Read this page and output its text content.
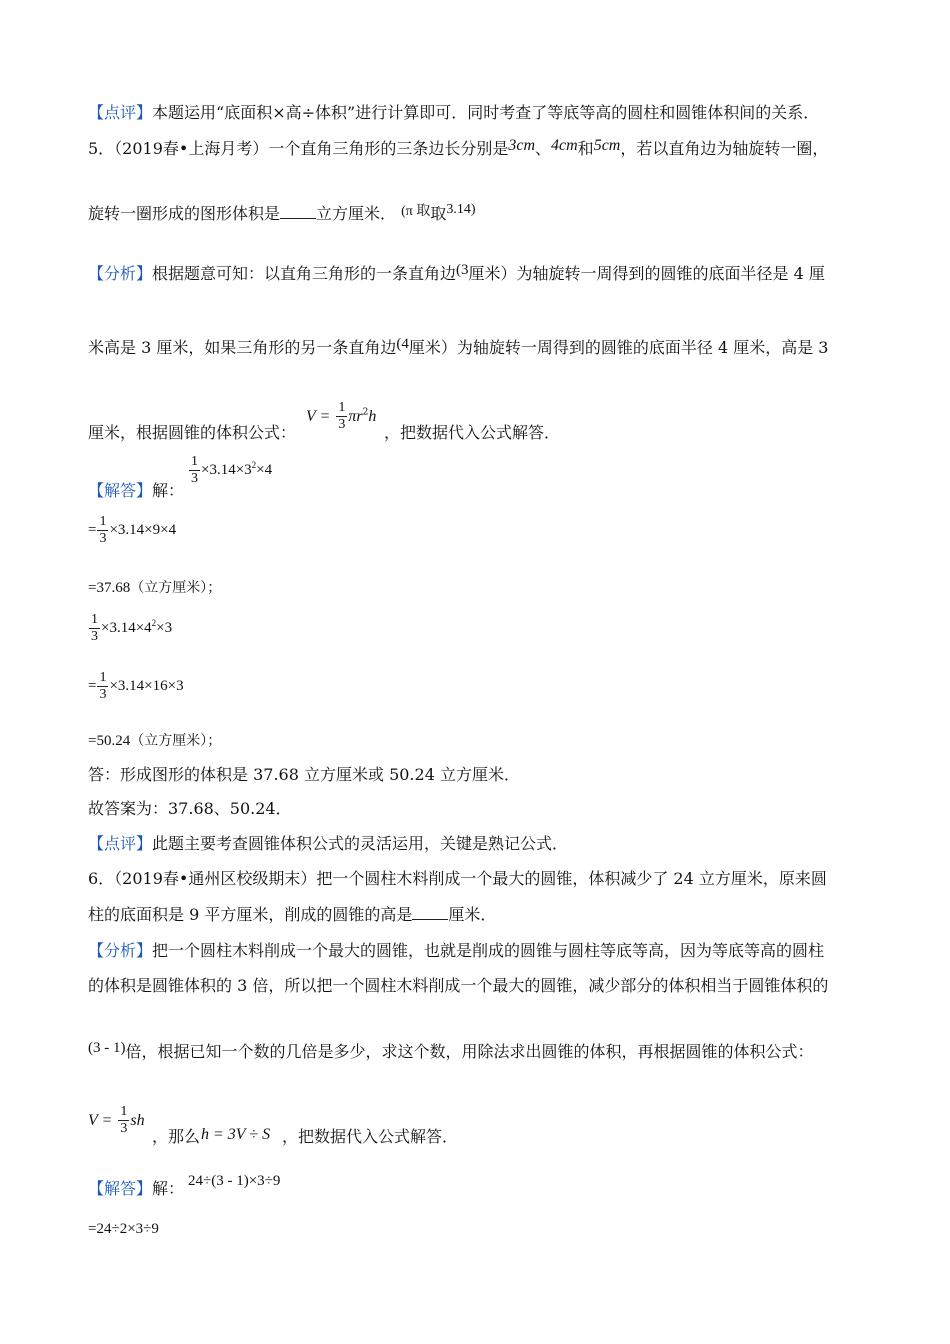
【点评】本题运用“底面积×高÷体积”进行计算即可．同时考查了等底等高的圆柱和圆锥体积间的关系．
5．（2019春•上海月考）一个直角三角形的三条边长分别是3cm、4cm和5cm，若以直角边为轴旋转一圈，
旋转一圈形成的图形体积是 立方厘米． (π 取取3.14)
【分析】根据题意可知：以直角三角形的一条直角边(3厘米）为轴旋转一周得到的圆锥的底面半径是 4 厘
米高是 3 厘米，如果三角形的另一条直角边(4厘米）为轴旋转一周得到的圆锥的底面半径 4 厘米，高是 3
厘米，根据圆锥的体积公式：
$V = \frac{1}{3} \pi r^2h$
，把数据代入公式解答．
$\frac{1}{3} \times 3.14\times 3^2\times 4$
【解答】解：
= $\frac{1}{3} \times 3.14\times 9\times 4$
=37.68（立方厘米）；
$\frac{1}{3} \times 3.14\times 4^2\times 3$
= $\frac{1}{3} \times 3.14\times 16\times 3$
=50.24（立方厘米）；
答：形成图形的体积是 37.68 立方厘米或 50.24 立方厘米．
故答案为：37.68、50.24．
【点评】此题主要考查圆锥体积公式的灵活运用，关键是熟记公式．
6．（2019春•通州区校级期末）把一个圆柱木料削成一个最大的圆锥，体积减少了 24 立方厘米，原来圆
柱的底面积是 9 平方厘米，削成的圆锥的高是 厘米．
【分析】把一个圆柱木料削成一个最大的圆锥，也就是削成的圆锥与圆柱等底等高，因为等底等高的圆柱
的体积是圆锥体积的 3 倍，所以把一个圆柱木料削成一个最大的圆锥，减少部分的体积相当于圆锥体积的
(3 - 1)倍，根据已知一个数的几倍是多少，求这个数，用除法求出圆锥的体积，再根据圆锥的体积公式：
$V = \frac{1}{3}$ sh
，那么 h = 3V ÷ S ，把数据代入公式解答．
【解答】解： 24÷(3 - 1)×3÷9
=24÷2×3÷9
